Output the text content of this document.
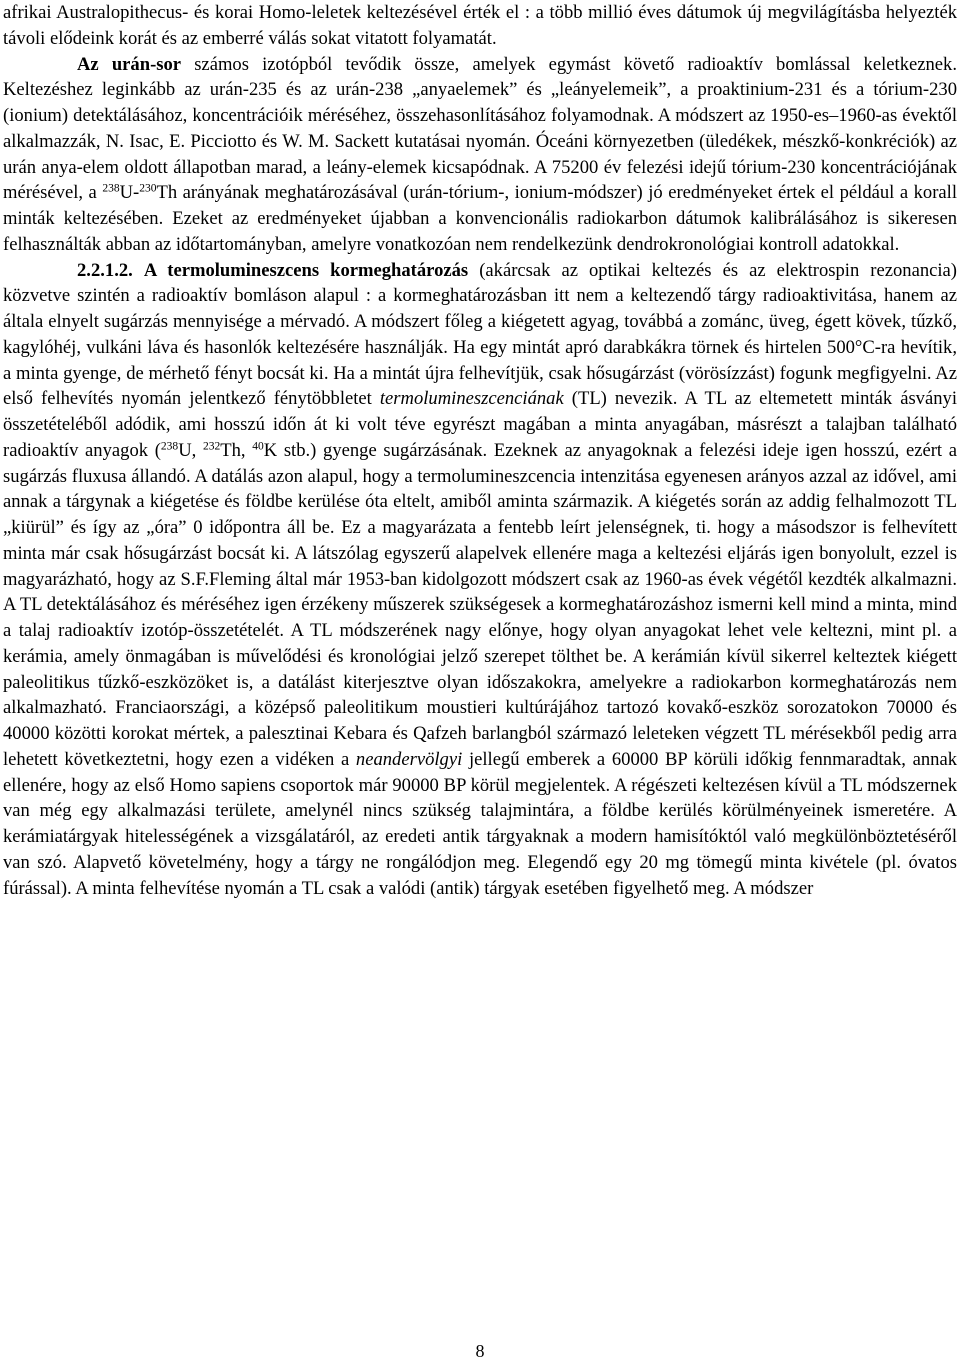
afrikai Australopithecus- és korai Homo-leletek keltezésével érték el : a több millió éves dátumok új megvilágításba helyezték távoli elődeink korát és az emberré válás sokat vitatott folyamatát.

Az urán-sor számos izotópból tevődik össze, amelyek egymást követő radioaktív bomlással keletkeznek. Keltezéshez leginkább az urán-235 és az urán-238 „anyaelemek” és „leányelemeik”, a proaktinium-231 és a tórium-230 (ionium) detektálásához, koncentrációik méréséhez, összehasonlításához folyamodnak. A módszert az 1950-es–1960-as évektől alkalmazzák, N. Isac, E. Picciotto és W. M. Sackett kutatásai nyomán. Óceáni környezetben (üledékek, mészkő-konkréciók) az urán anya-elem oldott állapotban marad, a leány-elemek kicsapódnak. A 75200 év felezési idejű tórium-230 koncentrációjának mérésével, a $^{238}$U-$^{230}$Th arányának meghatározásával (urán-tórium-, ionium-módszer) jó eredményeket értek el például a korall minták keltezésében. Ezeket az eredményeket újabban a konvencionális radiokarbon dátumok kalibrálásához is sikeresen felhasználták abban az időtartományban, amelyre vonatkozóan nem rendelkezünk dendrokronológiai kontroll adatokkal.

2.2.1.2. A termolumineszcens kormeghatározás (akárcsak az optikai keltezés és az elektrospin rezonancia) közvetve szintén a radioaktív bomláson alapul : a kormeghatározásban itt nem a keltezendő tárgy radioaktivitása, hanem az általa elnyelt sugárzás mennyisége a mérvadó. A módszert főleg a kiégetett agyag, továbbá a zománc, üveg, égett kövek, tűzkő, kagylóhéj, vulkáni láva és hasonlók keltezésére használják. Ha egy mintát apró darabkákra törnek és hirtelen 500°C-ra hevítik, a minta gyenge, de mérhető fényt bocsát ki. Ha a mintát újra felhevítjük, csak hősugárzást (vörösízzást) fogunk megfigyelni. Az első felhevítés nyomán jelentkező fénytöbbletet termolumineszcenciának (TL) nevezik. A TL az eltemetett minták ásványi összetételéből adódik, ami hosszú időn át ki volt téve egyrészt magában a minta anyagában, másrészt a talajban található radioaktív anyagok ($^{238}$U, $^{232}$Th, $^{40}$K stb.) gyenge sugárzásának. Ezeknek az anyagoknak a felezési ideje igen hosszú, ezért a sugárzás fluxusa állandó. A datálás azon alapul, hogy a termolumineszcencia intenzitása egyenesen arányos azzal az idővel, ami annak a tárgynak a kiégetése és földbe kerülése óta eltelt, amiből aminta származik. A kiégetés során az addig felhalmozott TL „kiürül” és így az „óra” 0 időpontra áll be. Ez a magyarázata a fentebb leírt jelenségnek, ti. hogy a másodszor is felhevített minta már csak hősugárzást bocsát ki. A látszólag egyszerű alapelvek ellenére maga a keltezési eljárás igen bonyolult, ezzel is magyarázható, hogy az S.F.Fleming által már 1953-ban kidolgozott módszert csak az 1960-as évek végétől kezdték alkalmazni. A TL detektálásához és méréséhez igen érzékeny műszerek szükségesek a kormeghatározáshoz ismerni kell mind a minta, mind a talaj radioaktív izotóp-összetételét. A TL módszerének nagy előnye, hogy olyan anyagokat lehet vele keltezni, mint pl. a kerámia, amely önmagában is művelődési és kronológiai jelző szerepet tölthet be. A kerámián kívül sikerrel kelteztek kiégett paleolitikus tűzkő-eszközöket is, a datálást kiterjesztve olyan időszakokra, amelyekre a radiokarbon kormeghatározás nem alkalmazható. Franciaországi, a középső paleolitikum moustieri kultúrájához tartozó kovakő-eszköz sorozatokon 70000 és 40000 közötti korokat mértek, a palesztinai Kebara és Qafzeh barlangból származó leleteken végzett TL mérésekből pedig arra lehetett következtetni, hogy ezen a vidéken a neandervölgyi jellegű emberek a 60000 BP körüli időkig fennmaradtak, annak ellenére, hogy az első Homo sapiens csoportok már 90000 BP körül megjelentek. A régészeti keltezésen kívül a TL módszernek van még egy alkalmazási területe, amelynél nincs szükség talajmintára, a földbe kerülés körülményeinek ismeretére. A kerámiatárgyak hitelességének a vizsgálatáról, az eredeti antik tárgyaknak a modern hamisítóktól való megkülönböztetéséről van szó. Alapvető követelmény, hogy a tárgy ne rongálódjon meg. Elegendő egy 20 mg tömegű minta kivétele (pl. óvatos fúrással). A minta felhevítése nyomán a TL csak a valódi (antik) tárgyak esetében figyelhető meg. A módszer

8
